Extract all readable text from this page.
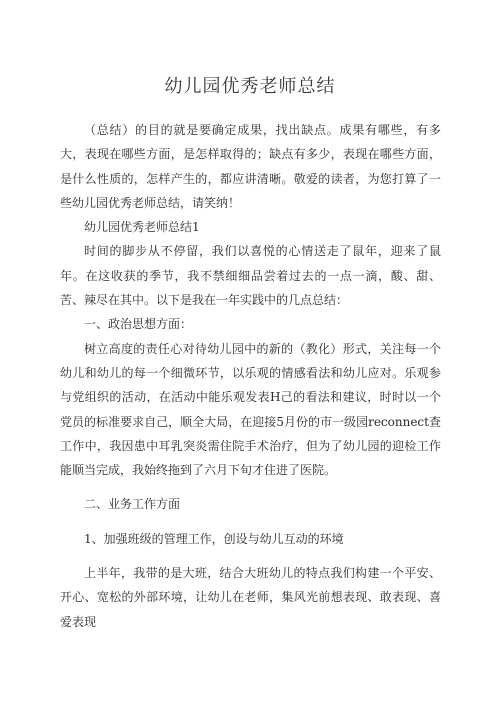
幼儿园优秀老师总结

（总结）的目的就是要确定成果，找出缺点。成果有哪些，有多大，表现在哪些方面，是怎样取得的；缺点有多少，表现在哪些方面，是什么性质的，怎样产生的，都应讲清晰。敬爱的读者，为您打算了一些幼儿园优秀老师总结，请笑纳！

幼儿园优秀老师总结1

时间的脚步从不停留，我们以喜悦的心情送走了鼠年，迎来了鼠年。在这收获的季节，我不禁细细品尝着过去的一点一滴，酸、甜、苦、辣尽在其中。以下是我在一年实践中的几点总结：

一、政治思想方面：

树立高度的责任心对待幼儿园中的新的（教化）形式，关注每一个幼儿和幼儿的每一个细微环节，以乐观的情感看法和幼儿应对。乐观参与党组织的活动，在活动中能乐观发表H己的看法和建议，时时以一个党员的标准要求自己，顺全大局，在迎接5月份的市一级园reconnect查工作中，我因患中耳乳突炎需住院手术治疗，但为了幼儿园的迎检工作能顺当完成，我始终拖到了六月下旬才住进了医院。

二、业务工作方面

1、加强班级的管理工作，创设与幼儿互动的环境

上半年，我带的是大班，结合大班幼儿的特点我们构建一个平安、开心、宽松的外部环境，让幼儿在老师，集风光前想表现、敢表现、喜爱表现
